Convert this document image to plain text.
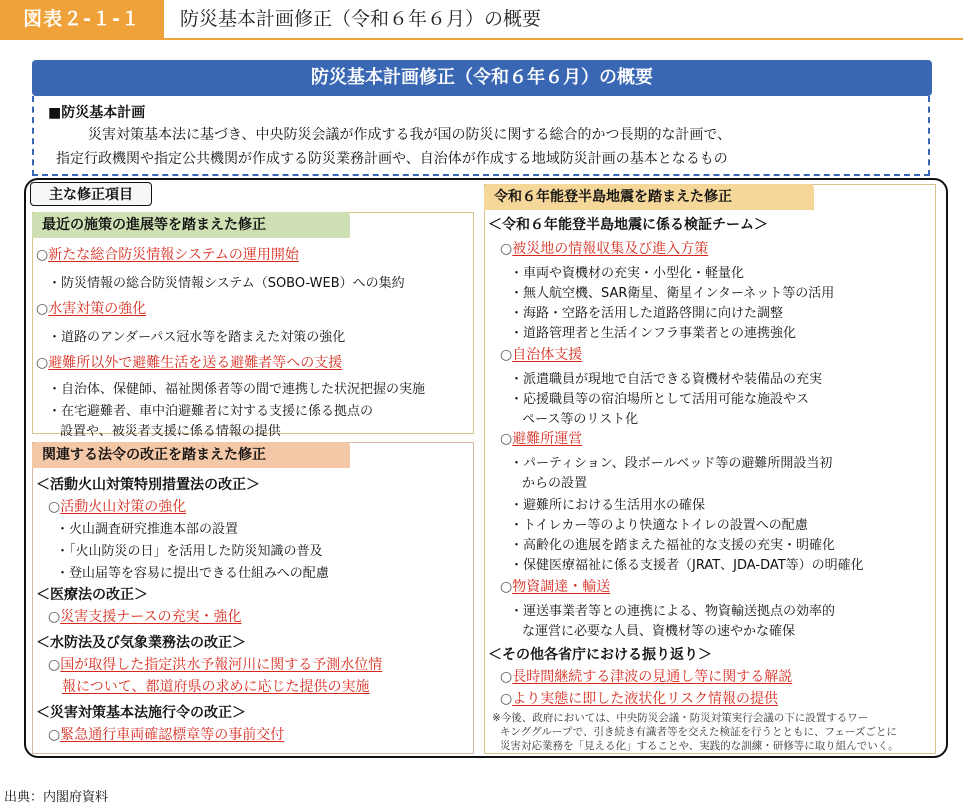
図表２‐１‐１	防災基本計画修正（令和６年６月）の概要
防災基本計画修正（令和６年６月）の概要
■防災基本計画
災害対策基本法に基づき、中央防災会議が作成する我が国の防災に関する総合的かつ長期的な計画で、
指定行政機関や指定公共機関が作成する防災業務計画や、自治体が作成する地域防災計画の基本となるもの
主な修正項目
最近の施策の進展等を踏まえた修正
○新たな総合防災情報システムの運用開始
・防災情報の総合防災情報システム（SOBO-WEB）への集約
○水害対策の強化
・道路のアンダーパス冠水等を踏まえた対策の強化
○避難所以外で避難生活を送る避難者等への支援
・自治体、保健師、福祉関係者等の間で連携した状況把握の実施
・在宅避難者、車中泊避難者に対する支援に係る拠点の
設置や、被災者支援に係る情報の提供
関連する法令の改正を踏まえた修正
＜活動火山対策特別措置法の改正＞
○活動火山対策の強化
・火山調査研究推進本部の設置
・「火山防災の日」を活用した防災知識の普及
・登山届等を容易に提出できる仕組みへの配慮
＜医療法の改正＞
○災害支援ナースの充実・強化
＜水防法及び気象業務法の改正＞
○国が取得した指定洪水予報河川に関する予測水位情
報について、都道府県の求めに応じた提供の実施
＜災害対策基本法施行令の改正＞
○緊急通行車両確認標章等の事前交付
令和６年能登半島地震を踏まえた修正
＜令和６年能登半島地震に係る検証チーム＞
○被災地の情報収集及び進入方策
・車両や資機材の充実・小型化・軽量化
・無人航空機、SAR衛星、衛星インターネット等の活用
・海路・空路を活用した道路啓開に向けた調整
・道路管理者と生活インフラ事業者との連携強化
○自治体支援
・派遣職員が現地で自活できる資機材や装備品の充実
・応援職員等の宿泊場所として活用可能な施設やス
ペース等のリスト化
○避難所運営
・パーティション、段ボールベッド等の避難所開設当初
からの設置
・避難所における生活用水の確保
・トイレカー等のより快適なトイレの設置への配慮
・高齢化の進展を踏まえた福祉的な支援の充実・明確化
・保健医療福祉に係る支援者（JRAT、JDA-DAT等）の明確化
○物資調達・輸送
・運送事業者等との連携による、物資輸送拠点の効率的
な運営に必要な人員、資機材等の速やかな確保
＜その他各省庁における振り返り＞
○長時間継続する津波の見通し等に関する解説
○より実態に即した液状化リスク情報の提供
※今後、政府においては、中央防災会議・防災対策実行会議の下に設置するワー
キンググループで、引き続き有識者等を交えた検証を行うとともに、フェーズごとに
災害対応業務を「見える化」することや、実践的な訓練・研修等に取り組んでいく。
出典：内閣府資料
